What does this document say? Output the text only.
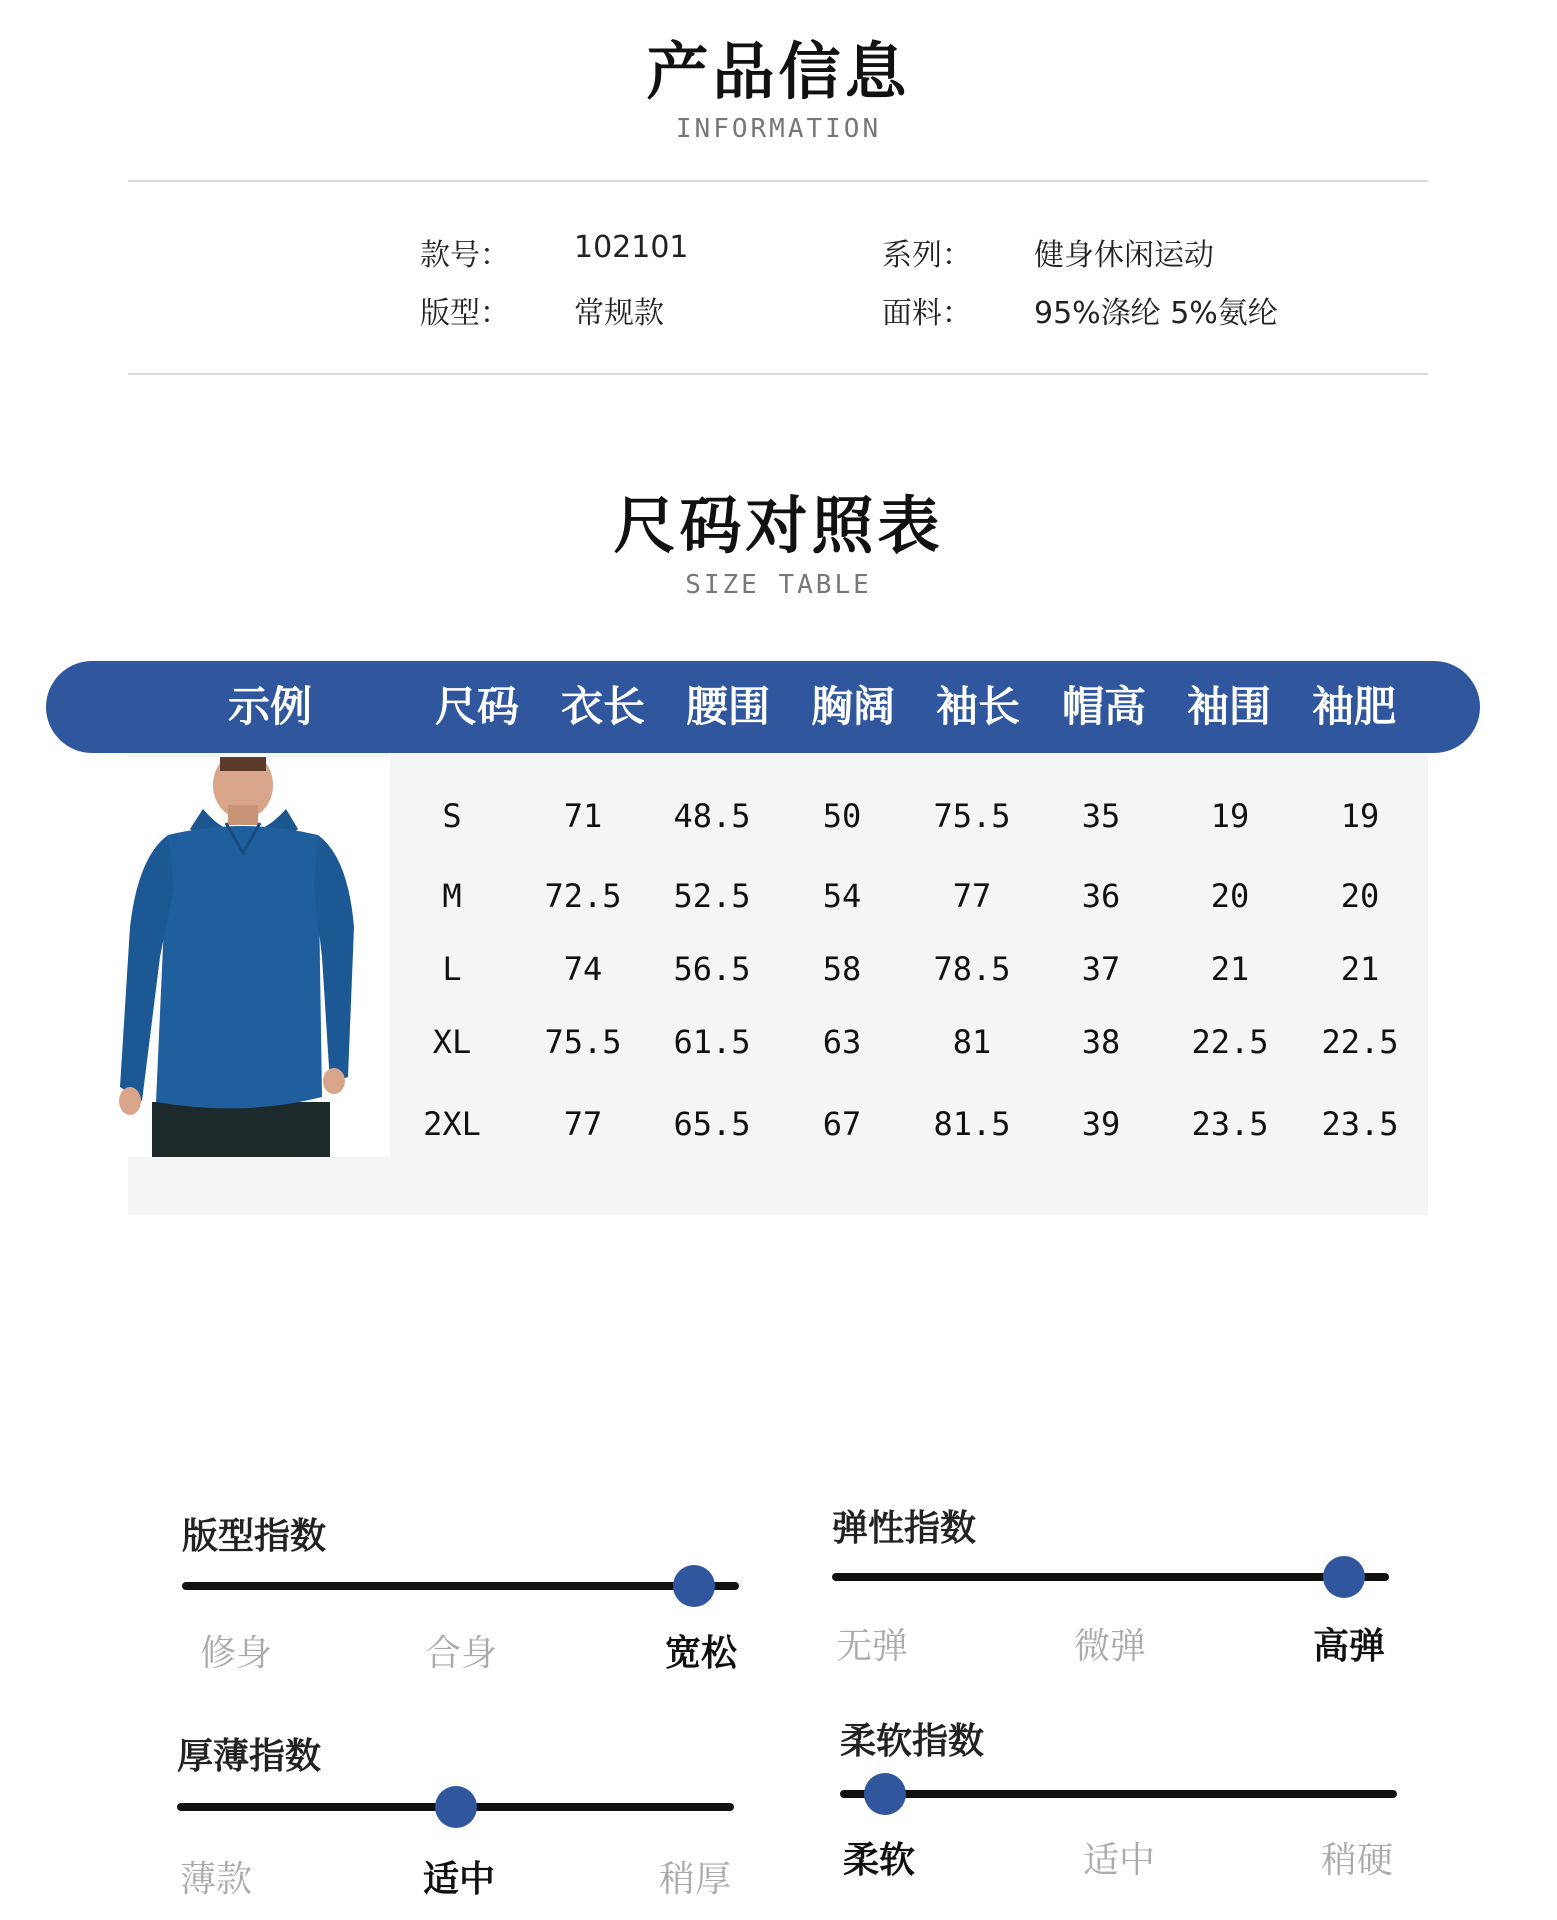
产品信息
INFORMATION
款号： 102101	系列： 健身休闲运动
版型： 常规款	面料： 95%涤纶 5%氨纶
尺码对照表
SIZE TABLE
示例	尺码 衣长 腰围 胸阔 袖长 帽高 袖围 袖肥
S	71	48.5	50	75.5	35	19	19
M	72.5	52.5	54	77	36	20	20
L	74	56.5	58	78.5	37	21	21
XL	75.5	61.5	63	81	38	22.5	22.5
2XL	77	65.5	67	81.5	39	23.5	23.5
版型指数
修身	合身	宽松
弹性指数
无弹	微弹	高弹
厚薄指数
薄款	适中	稍厚
柔软指数
柔软	适中	稍硬
